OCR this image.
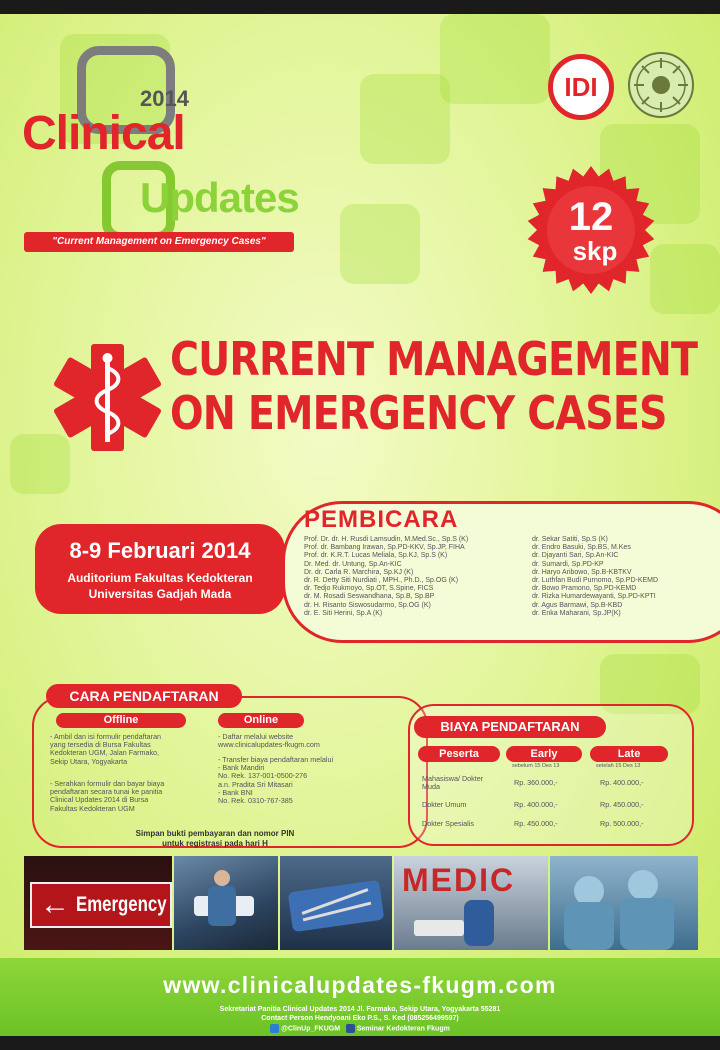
2014
Clinical
Updates
"Current Management on Emergency Cases"
IDI
12
skp
CURRENT MANAGEMENT
ON EMERGENCY CASES
PEMBICARA
Prof. Dr. dr. H. Rusdi Lamsudin, M.Med.Sc., Sp.S (K)
Prof. dr. Bambang Irawan, Sp.PD-KKV, Sp.JP, FIHA
Prof. dr. K.R.T. Lucas Meliala, Sp.KJ, Sp.S (K)
Dr. Med. dr. Untung, Sp.An-KIC
Dr. dr. Carla R. Marchira, Sp.KJ (K)
dr. R. Detty Siti Nurdiati , MPH., Ph.D., Sp.OG (K)
dr. Tedjo Rukmoyo, Sp.OT, S.Spine, FICS
dr. M. Rosadi Seswandhana, Sp.B, Sp.BP
dr. H. Risanto Siswosudarmo, Sp.OG (K)
dr. E. Siti Herini, Sp.A (K)
dr. Sekar Satiti, Sp.S (K)
dr. Endro Basuki, Sp.BS, M.Kes
dr. Djayanti Sari, Sp.An-KIC
dr. Sumardi, Sp.PD-KP
dr. Haryo Aribowo, Sp.B-KBTKV
dr. Luthfan Budi Purnomo, Sp.PD-KEMD
dr. Bowo Pramono, Sp.PD-KEMD
dr. Rizka Humardewayanti, Sp.PD-KPTI
dr. Agus Barmawi, Sp.B-KBD
dr. Enka Maharani, Sp.JP(K)
8-9 Februari 2014
Auditorium Fakultas Kedokteran
Universitas Gadjah Mada
CARA PENDAFTARAN
Offline	Online
- Ambil dan isi formulir pendaftaran
yang tersedia di Bursa Fakultas
Kedokteran UGM, Jalan Farmako,
Sekip Utara, Yogyakarta
- Serahkan formulir dan bayar biaya
pendaftaran secara tunai ke panitia
Clinical Updates 2014 di Bursa
Fakultas Kedokteran UGM
- Daftar melalui website
www.clinicalupdates-fkugm.com
- Transfer biaya pendaftaran melalui
- Bank Mandiri
No. Rek. 137-001-0500-276
a.n. Pradita Sri Mitasari
- Bank BNI
No. Rek. 0310-767-385
Simpan bukti pembayaran dan nomor PIN
untuk registrasi pada hari H
BIAYA PENDAFTARAN
Peserta	Early	Late
sebelum 15 Des 13	setelah 15 Des 13
Mahasiswa/ Dokter Muda	Rp. 360.000,-	Rp. 400.000,-
Dokter Umum	Rp. 400.000,-	Rp. 450.000,-
Dokter Spesialis	Rp. 450.000,-	Rp. 500.000,-
← Emergency
MEDIC
www.clinicalupdates-fkugm.com
Sekretariat Panitia Clinical Updates 2014 Jl. Farmako, Sekip Utara, Yogyakarta 55281
Contact Person Hendyoani Eko P.S., S. Ked (085256499597)
@ClinUp_FKUGM Seminar Kedokteran Fkugm
